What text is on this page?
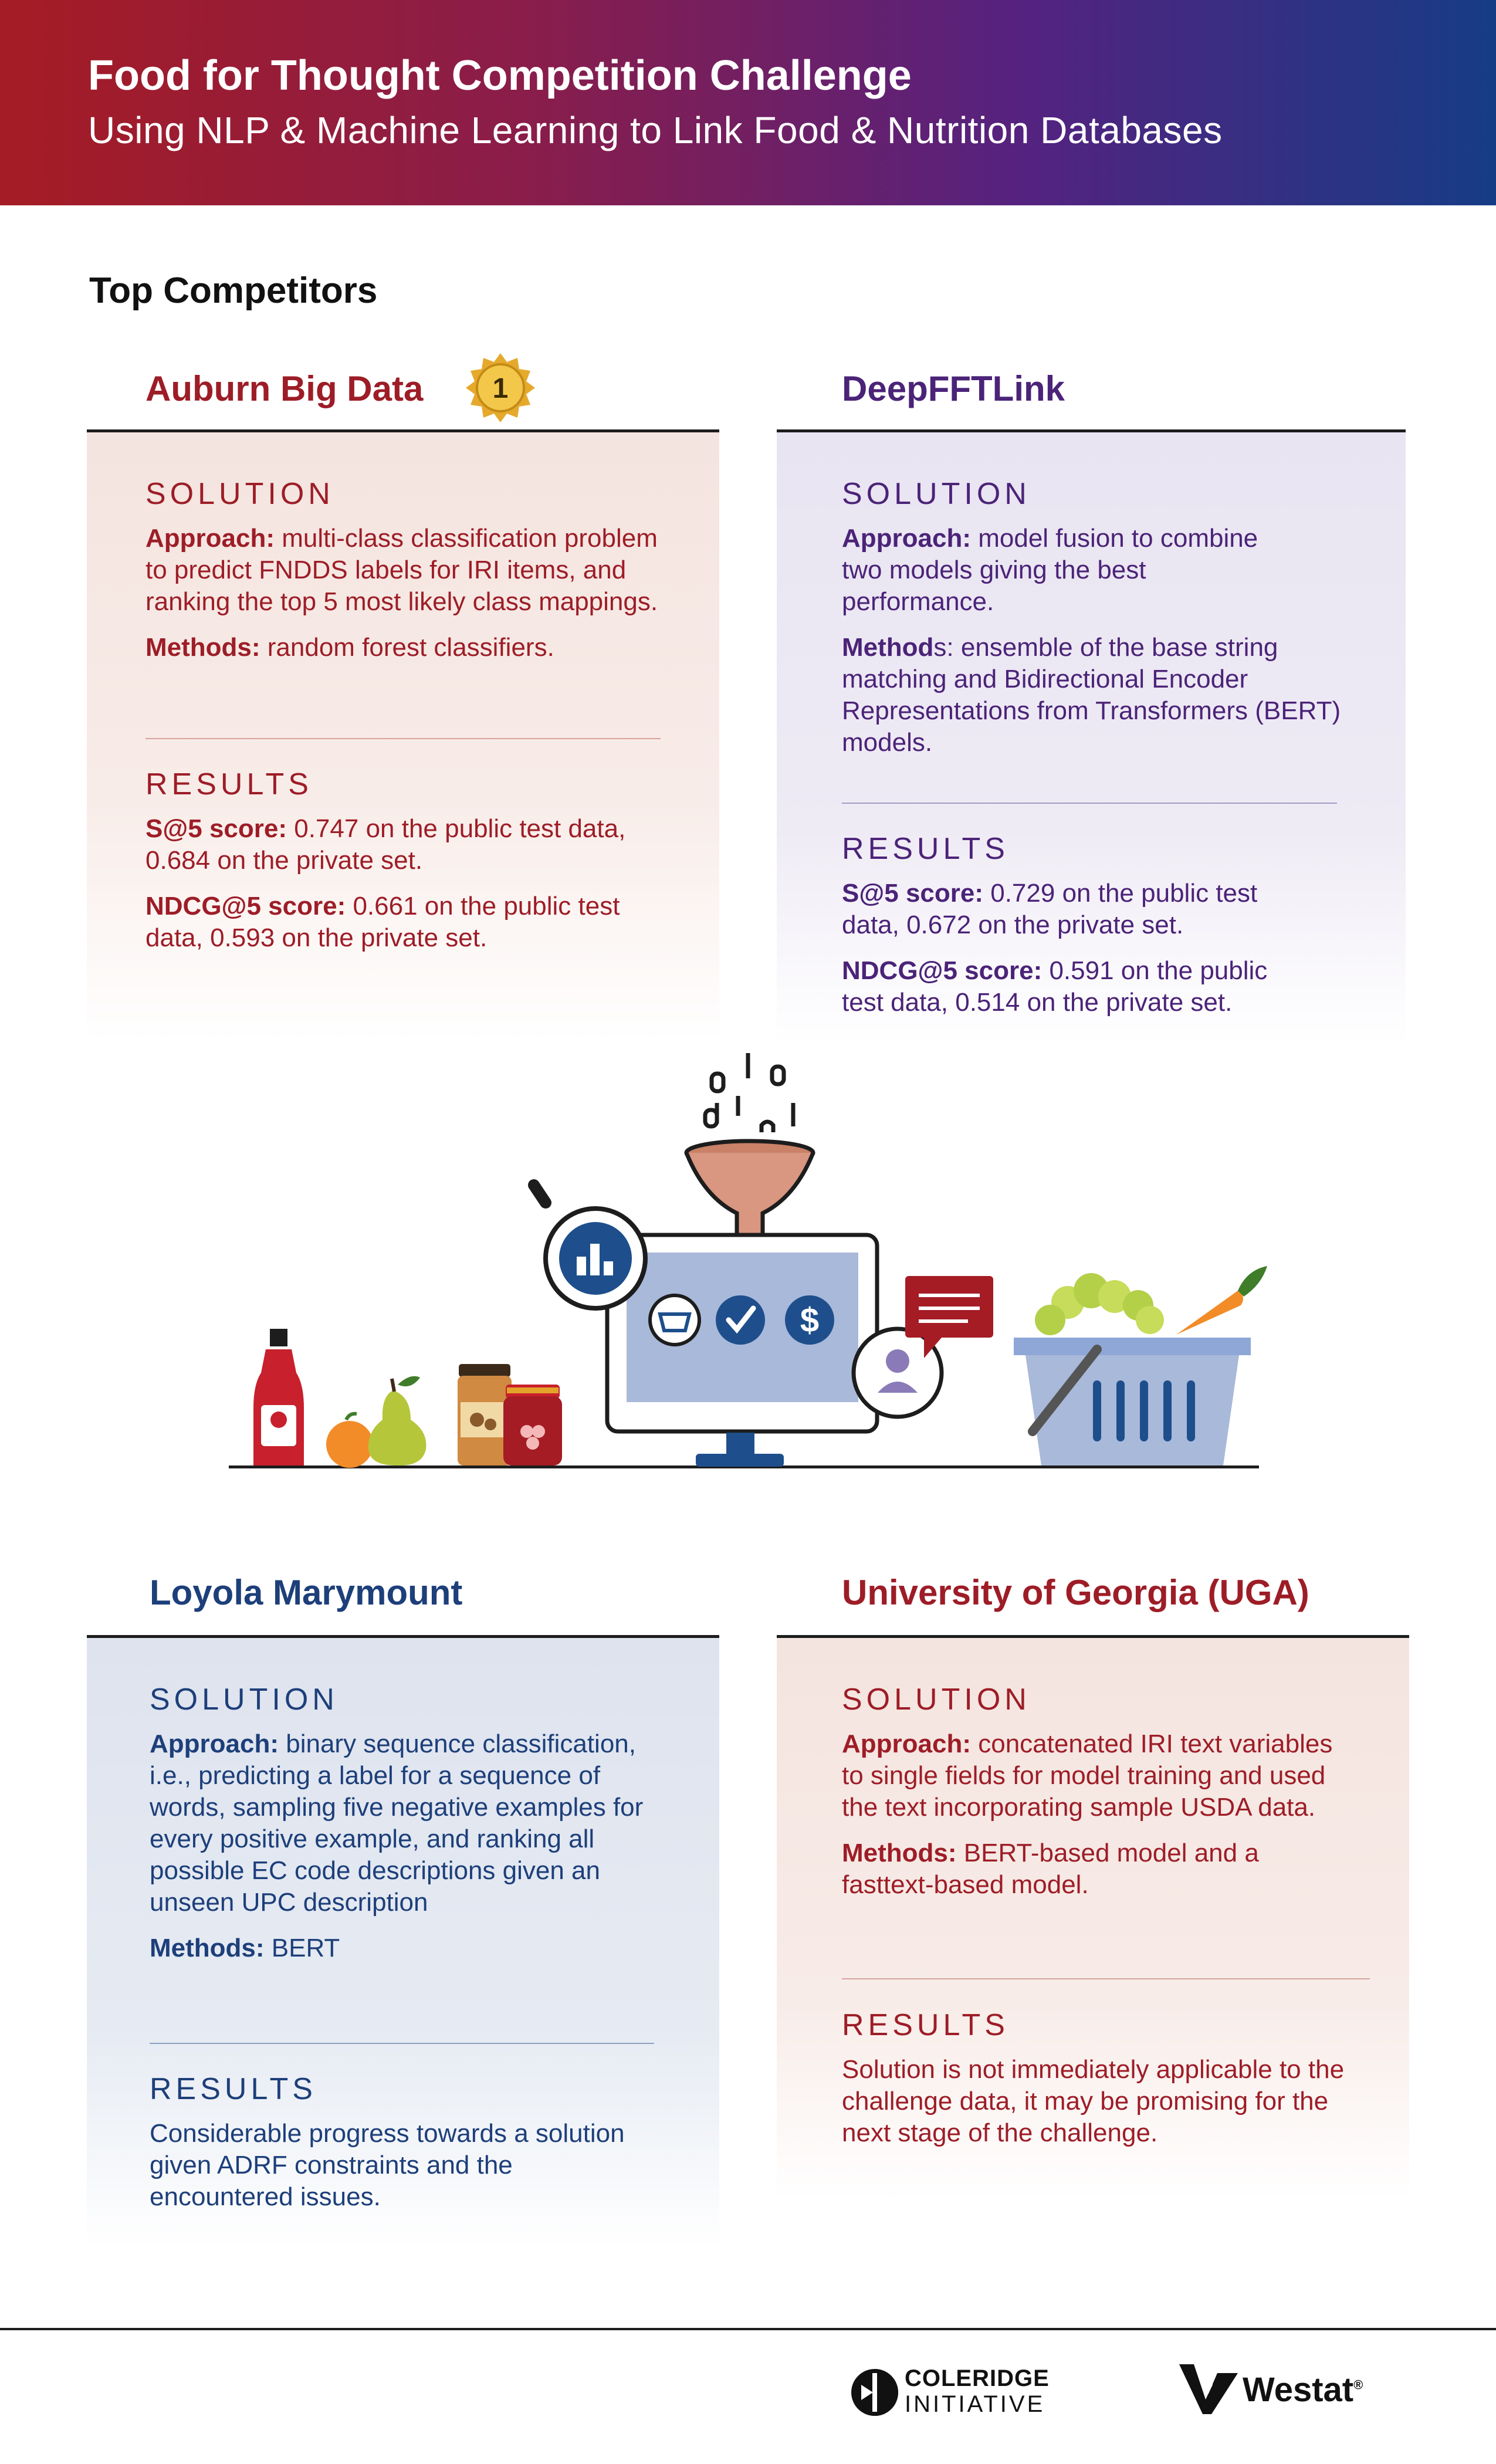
Food for Thought Competition Challenge
Using NLP & Machine Learning to Link Food & Nutrition Databases
Top Competitors
Auburn Big Data 1
SOLUTION

Approach: multi-class classification problem to predict FNDDS labels for IRI items, and ranking the top 5 most likely class mappings.

Methods: random forest classifiers.

RESULTS

S@5 score: 0.747 on the public test data, 0.684 on the private set.

NDCG@5 score: 0.661 on the public test data, 0.593 on the private set.

DeepFFTLink
SOLUTION

Approach: model fusion to combine two models giving the best performance.

Methods: ensemble of the base string matching and Bidirectional Encoder Representations from Transformers (BERT) models.

RESULTS

S@5 score: 0.729 on the public test data, 0.672 on the private set.

NDCG@5 score: 0.591 on the public test data, 0.514 on the private set.

$
Loyola Marymount
SOLUTION

Approach: binary sequence classification, i.e., predicting a label for a sequence of words, sampling five negative examples for every positive example, and ranking all possible EC code descriptions given an unseen UPC description

Methods: BERT

RESULTS

Considerable progress towards a solution given ADRF constraints and the encountered issues.

University of Georgia (UGA)
SOLUTION

Approach: concatenated IRI text variables to single fields for model training and used the text incorporating sample USDA data.

Methods: BERT-based model and a fasttext-based model.

RESULTS

Solution is not immediately applicable to the challenge data, it may be promising for the next stage of the challenge.

COLERIDGE
INITIATIVE	Westat®
